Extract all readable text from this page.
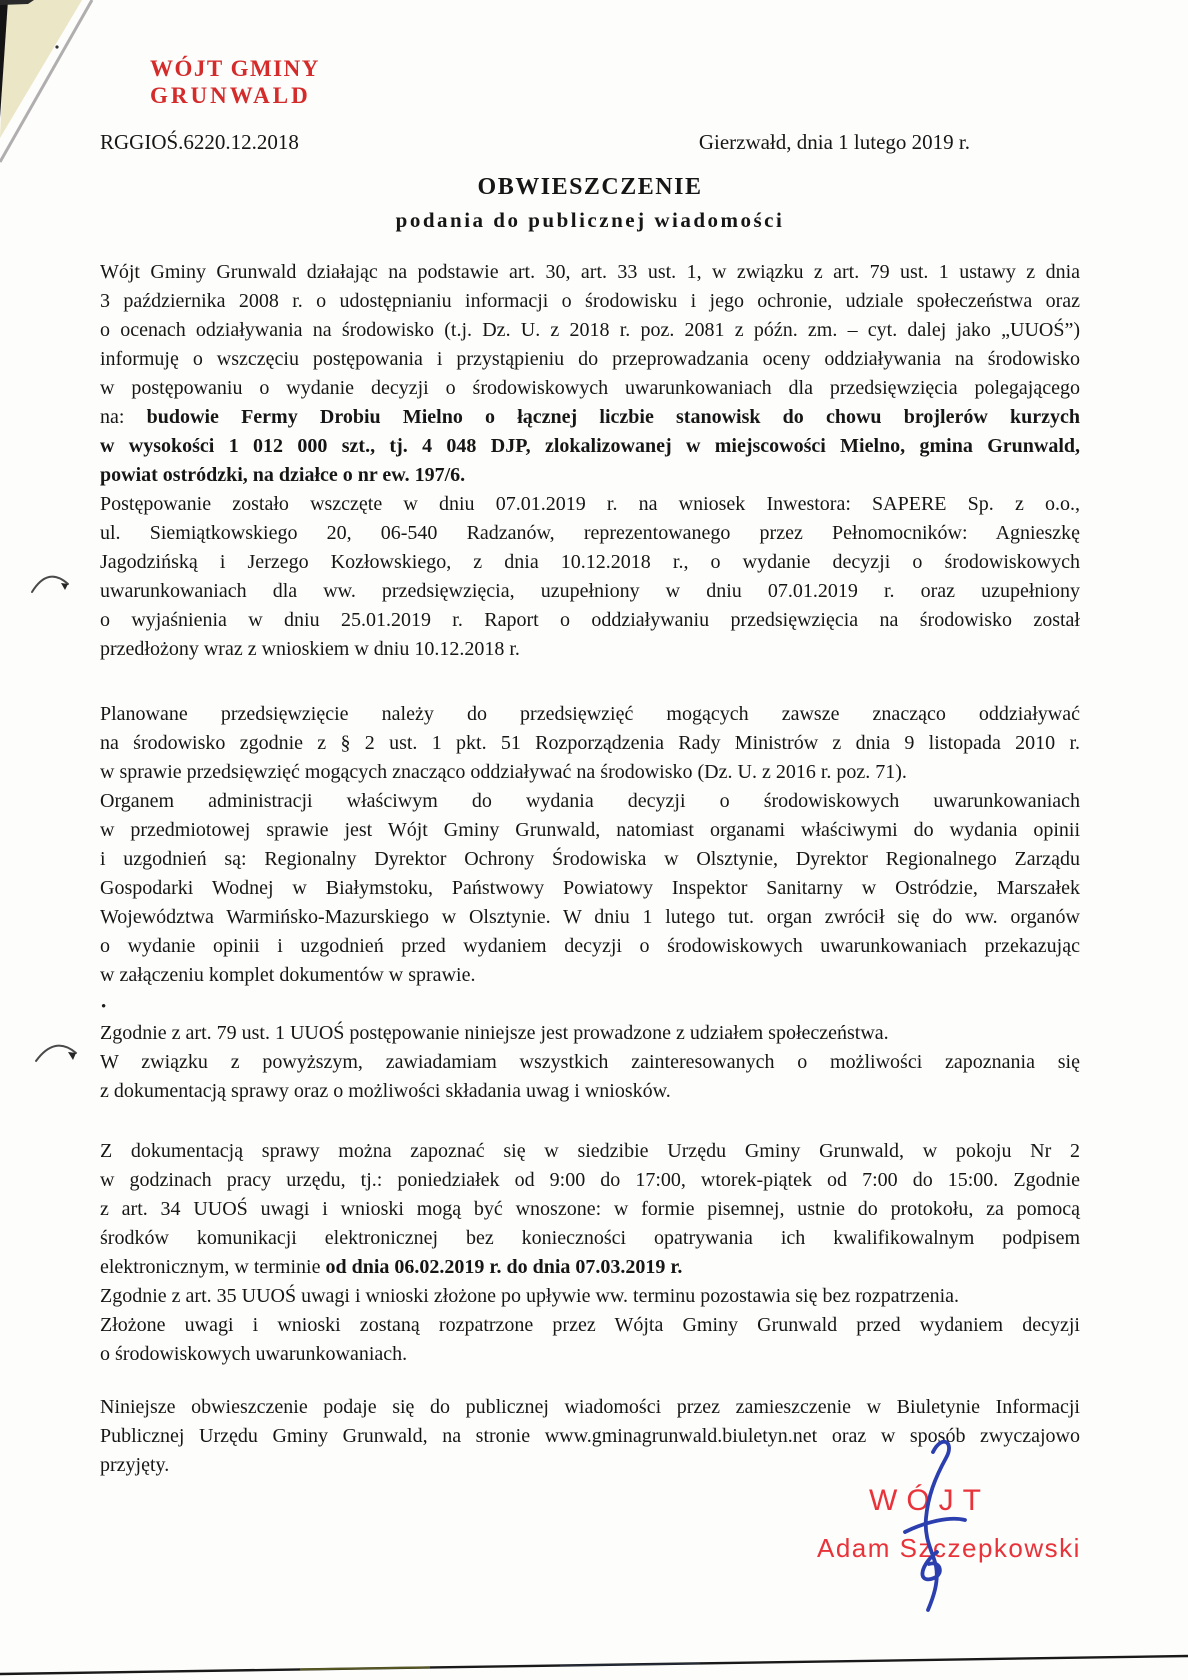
WÓJT GMINY
GRUNWALD
RGGIOŚ.6220.12.2018	Gierzwałd, dnia 1 lutego 2019 r.
OBWIESZCZENIE
podania do publicznej wiadomości
Wójt Gminy Grunwald działając na podstawie art. 30, art. 33 ust. 1, w związku z art. 79 ust. 1 ustawy z dnia
3 października 2008 r. o udostępnianiu informacji o środowisku i jego ochronie, udziale społeczeństwa oraz
o ocenach odziaływania na środowisko (t.j. Dz. U. z 2018 r. poz. 2081 z późn. zm. – cyt. dalej jako „UUOŚ”)
informuję o wszczęciu postępowania i przystąpieniu do przeprowadzania oceny oddziaływania na środowisko
w postępowaniu o wydanie decyzji o środowiskowych uwarunkowaniach dla przedsięwzięcia polegającego
na: budowie Fermy Drobiu Mielno o łącznej liczbie stanowisk do chowu brojlerów kurzych
w wysokości 1 012 000 szt., tj. 4 048 DJP, zlokalizowanej w miejscowości Mielno, gmina Grunwald,
powiat ostródzki, na działce o nr ew. 197/6.
Postępowanie zostało wszczęte w dniu 07.01.2019 r. na wniosek Inwestora: SAPERE Sp. z o.o.,
ul. Siemiątkowskiego 20, 06-540 Radzanów, reprezentowanego przez Pełnomocników: Agnieszkę
Jagodzińską i Jerzego Kozłowskiego, z dnia 10.12.2018 r., o wydanie decyzji o środowiskowych
uwarunkowaniach dla ww. przedsięwzięcia, uzupełniony w dniu 07.01.2019 r. oraz uzupełniony
o wyjaśnienia w dniu 25.01.2019 r. Raport o oddziaływaniu przedsięwzięcia na środowisko został
przedłożony wraz z wnioskiem w dniu 10.12.2018 r.
Planowane przedsięwzięcie należy do przedsięwzięć mogących zawsze znacząco oddziaływać
na środowisko zgodnie z § 2 ust. 1 pkt. 51 Rozporządzenia Rady Ministrów z dnia 9 listopada 2010 r.
w sprawie przedsięwzięć mogących znacząco oddziaływać na środowisko (Dz. U. z 2016 r. poz. 71).
Organem administracji właściwym do wydania decyzji o środowiskowych uwarunkowaniach
w przedmiotowej sprawie jest Wójt Gminy Grunwald, natomiast organami właściwymi do wydania opinii
i uzgodnień są: Regionalny Dyrektor Ochrony Środowiska w Olsztynie, Dyrektor Regionalnego Zarządu
Gospodarki Wodnej w Białymstoku, Państwowy Powiatowy Inspektor Sanitarny w Ostródzie, Marszałek
Województwa Warmińsko-Mazurskiego w Olsztynie. W dniu 1 lutego tut. organ zwrócił się do ww. organów
o wydanie opinii i uzgodnień przed wydaniem decyzji o środowiskowych uwarunkowaniach przekazując
w załączeniu komplet dokumentów w sprawie.
•
Zgodnie z art. 79 ust. 1 UUOŚ postępowanie niniejsze jest prowadzone z udziałem społeczeństwa.
W związku z powyższym, zawiadamiam wszystkich zainteresowanych o możliwości zapoznania się
z dokumentacją sprawy oraz o możliwości składania uwag i wniosków.
Z dokumentacją sprawy można zapoznać się w siedzibie Urzędu Gminy Grunwald, w pokoju Nr 2
w godzinach pracy urzędu, tj.: poniedziałek od 9:00 do 17:00, wtorek-piątek od 7:00 do 15:00. Zgodnie
z art. 34 UUOŚ uwagi i wnioski mogą być wnoszone: w formie pisemnej, ustnie do protokołu, za pomocą
środków komunikacji elektronicznej bez konieczności opatrywania ich kwalifikowalnym podpisem
elektronicznym, w terminie od dnia 06.02.2019 r. do dnia 07.03.2019 r.
Zgodnie z art. 35 UUOŚ uwagi i wnioski złożone po upływie ww. terminu pozostawia się bez rozpatrzenia.
Złożone uwagi i wnioski zostaną rozpatrzone przez Wójta Gminy Grunwald przed wydaniem decyzji
o środowiskowych uwarunkowaniach.
Niniejsze obwieszczenie podaje się do publicznej wiadomości przez zamieszczenie w Biuletynie Informacji
Publicznej Urzędu Gminy Grunwald, na stronie www.gminagrunwald.biuletyn.net oraz w sposób zwyczajowo
przyjęty.
WÓJT
Adam Szczepkowski
